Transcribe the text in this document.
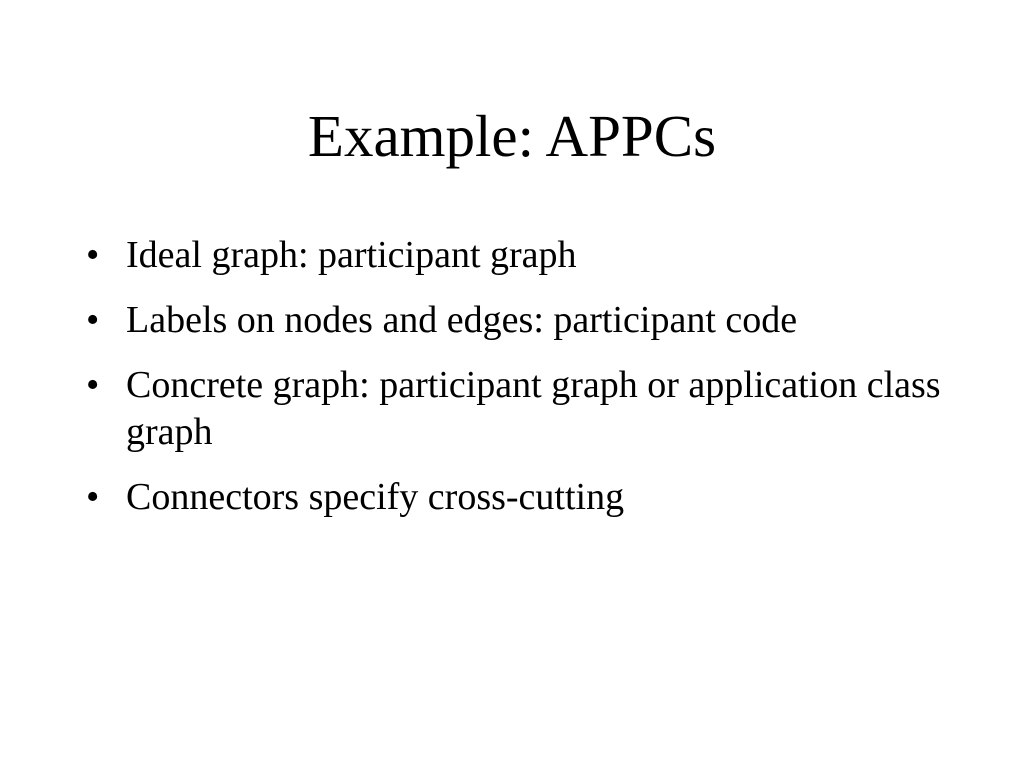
Example: APPCs
• Ideal graph: participant graph
• Labels on nodes and edges: participant code
• Concrete graph: participant graph or application class graph
• Connectors specify cross-cutting
